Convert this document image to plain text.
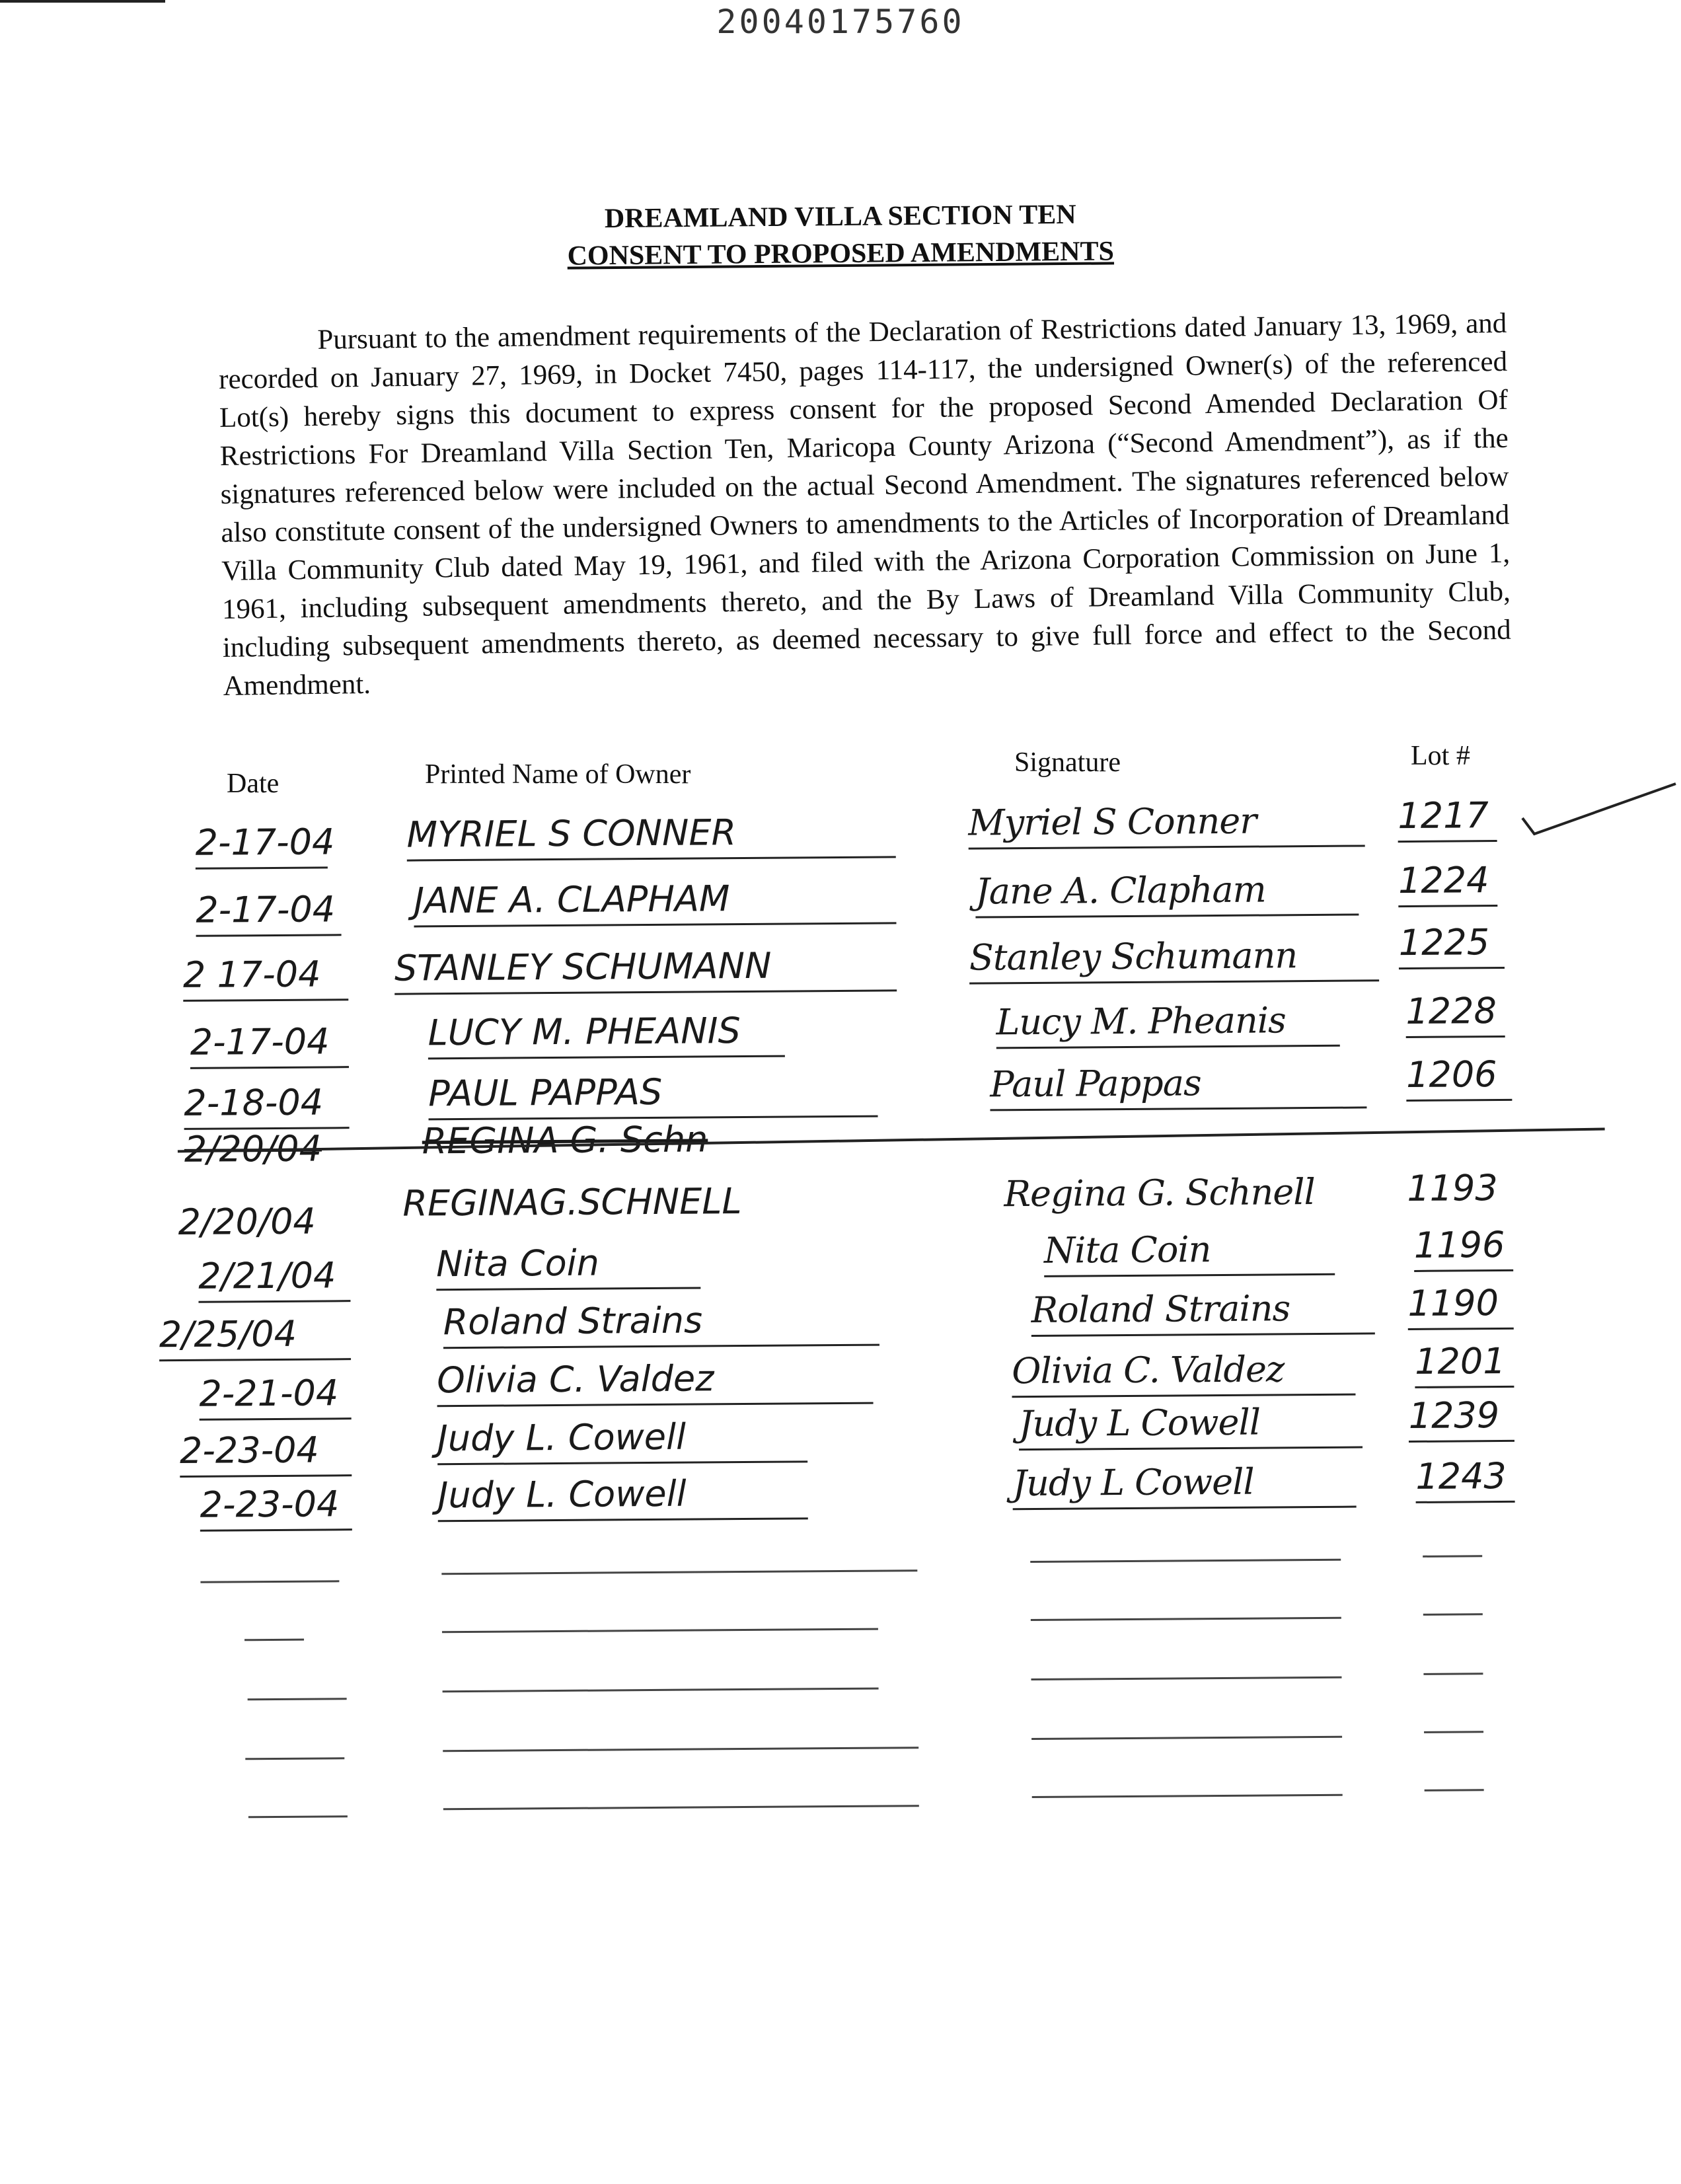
20040175760
DREAMLAND VILLA SECTION TEN
CONSENT TO PROPOSED AMENDMENTS
Pursuant to the amendment requirements of the Declaration of Restrictions dated January 13, 1969, and recorded on January 27, 1969, in Docket 7450, pages 114-117, the undersigned Owner(s) of the referenced Lot(s) hereby signs this document to express consent for the proposed Second Amended Declaration Of Restrictions For Dreamland Villa Section Ten, Maricopa County Arizona (“Second Amendment”), as if the signatures referenced below were included on the actual Second Amendment. The signatures referenced below also constitute consent of the undersigned Owners to amendments to the Articles of Incorporation of Dreamland Villa Community Club dated May 19, 1961, and filed with the Arizona Corporation Commission on June 1, 1961, including subsequent amendments thereto, and the By Laws of Dreamland Villa Community Club, including subsequent amendments thereto, as deemed necessary to give full force and effect to the Second Amendment.
Date	Printed Name of Owner	Signature	Lot #
2-17-04 MYRIEL S CONNER	Myriel S Conner	1217
2-17-04 JANE A. CLAPHAM	Jane A. Clapham	1224
2 17-04	STANLEY SCHUMANN	Stanley Schumann	1225
2-17-04	LUCY M. PHEANIS	Lucy M. Pheanis	1228
2-18-04	PAUL PAPPAS	Paul Pappas	1206
2/20/04	REGINA G. Schn
2/20/04	REGINAG.SCHNELL	Regina G. Schnell	1193
2/21/04	Nita Coin	Nita Coin	1196
2/25/04	Roland Strains	Roland Strains	1190
2-21-04	Olivia C. Valdez	Olivia C. Valdez	1201
2-23-04	Judy L. Cowell	Judy L Cowell	1239
2-23-04	Judy L. Cowell	Judy L Cowell	1243
